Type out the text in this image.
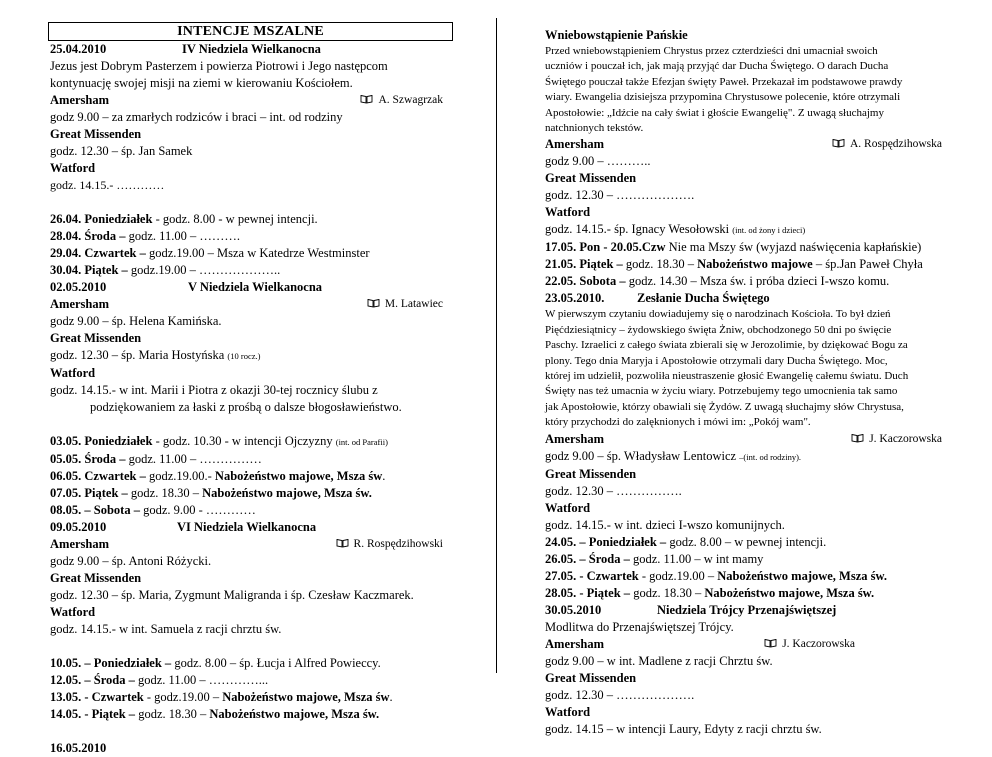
INTENCJE MSZALNE
25.04.2010	IV Niedziela Wielkanocna
Jezus jest Dobrym Pasterzem i powierza Piotrowi i Jego następcom
kontynuację swojej misji na ziemi w kierowaniu Kościołem.
Amersham	A. Szwagrzak
godz 9.00 – za zmarłych rodziców i braci – int. od rodziny
Great Missenden
godz. 12.30 – śp. Jan Samek
Watford
godz. 14.15.- …………
26.04. Poniedziałek - godz. 8.00 - w pewnej intencji.
28.04. Środa – godz. 11.00 – ……….
29.04. Czwartek – godz.19.00 – Msza w Katedrze Westminster
30.04. Piątek – godz.19.00 – ………………..
02.05.2010	V Niedziela Wielkanocna
Amersham	M. Latawiec
godz 9.00 – śp. Helena Kamińska.
Great Missenden
godz. 12.30 – śp. Maria Hostyńska (10 rocz.)
Watford
godz. 14.15.- w int. Marii i Piotra z okazji 30-tej rocznicy ślubu z
podziękowaniem za łaski z prośbą o dalsze błogosławieństwo.
03.05. Poniedziałek - godz. 10.30 - w intencji Ojczyzny (int. od Parafii)
05.05. Środa – godz. 11.00 – ……………
06.05. Czwartek – godz.19.00.- Nabożeństwo majowe, Msza św.
07.05. Piątek – godz. 18.30 – Nabożeństwo majowe, Msza św.
08.05. – Sobota – godz. 9.00 - …………
09.05.2010	VI Niedziela Wielkanocna
Amersham	R. Rospędzihowski
godz 9.00 – śp. Antoni Różycki.
Great Missenden
godz. 12.30 – śp. Maria, Zygmunt Maligranda i śp. Czesław Kaczmarek.
Watford
godz. 14.15.- w int. Samuela z racji chrztu św.
10.05. – Poniedziałek – godz. 8.00 – śp. Łucja i Alfred Powieccy.
12.05. – Środa – godz. 11.00 – …………...
13.05. - Czwartek - godz.19.00 – Nabożeństwo majowe, Msza św.
14.05. - Piątek – godz. 18.30 – Nabożeństwo majowe, Msza św.
16.05.2010
Wniebowstąpienie Pańskie
Przed wniebowstąpieniem Chrystus przez czterdzieści dni umacniał swoich
uczniów i pouczał ich, jak mają przyjąć dar Ducha Świętego. O darach Ducha
Świętego pouczał także Efezjan święty Paweł. Przekazał im podstawowe prawdy
wiary. Ewangelia dzisiejsza przypomina Chrystusowe polecenie, które otrzymali
Apostołowie: „Idźcie na cały świat i głoście Ewangelię". Z uwagą słuchajmy
natchnionych tekstów.
Amersham	A. Rospędzihowska
godz 9.00 – ………..
Great Missenden
godz. 12.30 – ……………….
Watford
godz. 14.15.- śp. Ignacy Wesołowski (int. od żony i dzieci)
17.05. Pon - 20.05.Czw Nie ma Mszy św (wyjazd naświęcenia kapłańskie)
21.05. Piątek – godz. 18.30 – Nabożeństwo majowe – śp.Jan Paweł Chyła
22.05. Sobota – godz. 14.30 – Msza św. i próba dzieci I-wszo komu.
23.05.2010.	Zesłanie Ducha Świętego
W pierwszym czytaniu dowiadujemy się o narodzinach Kościoła. To był dzień
Pięćdziesiątnicy – żydowskiego święta Żniw, obchodzonego 50 dni po święcie
Paschy. Izraelici z całego świata zbierali się w Jerozolimie, by dziękować Bogu za
plony. Tego dnia Maryja i Apostołowie otrzymali dary Ducha Świętego. Moc,
której im udzielił, pozwoliła nieustraszenie głosić Ewangelię całemu światu. Duch
Święty nas też umacnia w życiu wiary. Potrzebujemy tego umocnienia tak samo
jak Apostołowie, którzy obawiali się Żydów. Z uwagą słuchajmy słów Chrystusa,
który przychodzi do zalęknionych i mówi im: „Pokój wam".
Amersham	J. Kaczorowska
godz 9.00 – śp. Władysław Lentowicz –(int. od rodziny).
Great Missenden
godz. 12.30 – …………….
Watford
godz. 14.15.- w int. dzieci I-wszo komunijnych.
24.05. – Poniedziałek – godz. 8.00 – w pewnej intencji.
26.05. – Środa – godz. 11.00 – w int mamy
27.05. - Czwartek - godz.19.00 – Nabożeństwo majowe, Msza św.
28.05. - Piątek – godz. 18.30 – Nabożeństwo majowe, Msza św.
30.05.2010	Niedziela Trójcy Przenajświętszej
Modlitwa do Przenajświętszej Trójcy.
Amersham	J. Kaczorowska
godz 9.00 – w int. Madlene z racji Chrztu św.
Great Missenden
godz. 12.30 – ……………….
Watford
godz. 14.15 – w intencji Laury, Edyty z racji chrztu św.
